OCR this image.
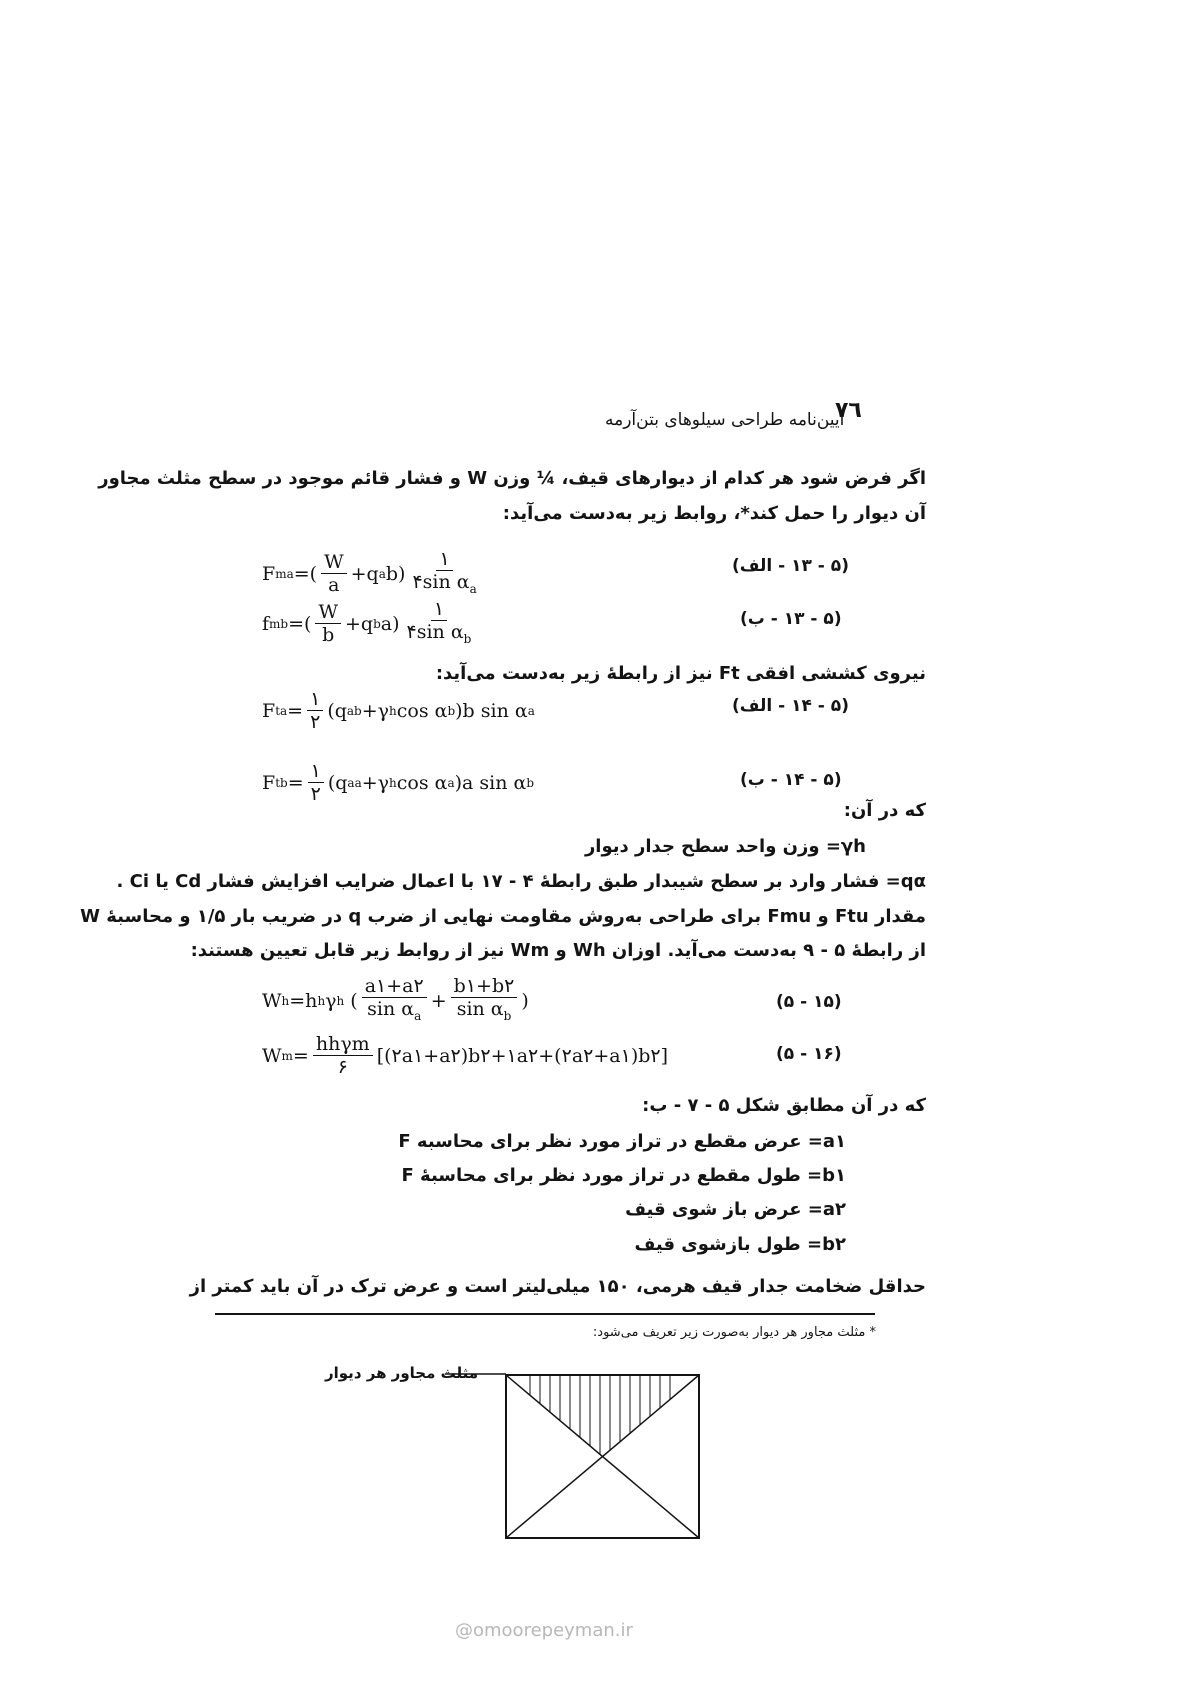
٧٦
آیین‌نامه طراحی سیلوهای بتن‌آرمه
اگر فرض شود هر کدام از دیوارهای قیف، ¼ وزن W و فشار قائم موجود در سطح مثلث مجاور
آن دیوار را حمل کند*، روابط زیر به‌دست می‌آید:
F ma =( $\frac{W}{a} +q$ a $b) \frac{١}{۴\sin \alpha_a}$	(۵ - ١٣ - الف)
f mb =( $\frac{W}{b} +q$ b $a) \frac{١}{۴\sin \alpha_b}$	(۵ - ١٣ - ب)
نیروی کششی افقی F‌t نیز از رابطهٔ زیر به‌دست می‌آید:
F ta = $\frac{١}{٢} (q$ ab +γ h cos α b )b sin α a	(۵ - ١۴ - الف)
F tb = $\frac{١}{٢} (q$ aa +γ h cos α a )a sin α b	(۵ - ١۴ - ب)
که در آن:
γh= وزن واحد سطح جدار دیوار
qα= فشار وارد بر سطح شیبدار طبق رابطهٔ ۴ - ١٧ با اعمال ضرایب افزایش فشار Cd یا Ci .
مقدار Ftu و Fmu برای طراحی به‌روش مقاومت نهایی از ضرب q در ضریب بار ١/۵ و محاسبهٔ W
از رابطهٔ ۵ - ٩ به‌دست می‌آید. اوزان Wh و Wm نیز از روابط زیر قابل تعیین هستند:
W h =h h γ h ( $\frac{a١+a٢}{\sin \alpha_a} + \frac{b١+b٢}{\sin \alpha_b}$ )	(١۵ - ۵)
W $m = \frac{\text{hhγm}}{۶}$ [(٢a١+a٢)b١+٢a٢+(٢a٢+a١)b٢]	(١۶ - ۵)
که در آن مطابق شکل ۵ - ٧ - ب:
a١= عرض مقطع در تراز مورد نظر برای محاسبه F
b١= طول مقطع در تراز مورد نظر برای محاسبهٔ F
a٢= عرض باز شوی قیف
b٢= طول بازشوی قیف
حداقل ضخامت جدار قیف هرمی، ١۵٠ میلی‌لیتر است و عرض ترک در آن باید کمتر از
* مثلث مجاور هر دیوار به‌صورت زیر تعریف می‌شود:
مثلث مجاور هر دیوار
@omoorepeyman.ir
